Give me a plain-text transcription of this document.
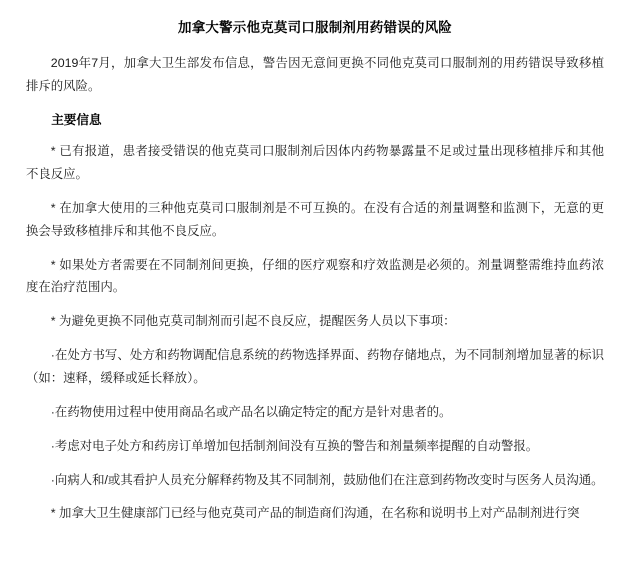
加拿大警示他克莫司口服制剂用药错误的风险

2019年7月，加拿大卫生部发布信息，警告因无意间更换不同他克莫司口服制剂的用药错误导致移植排斥的风险。

主要信息

* 已有报道，患者接受错误的他克莫司口服制剂后因体内药物暴露量不足或过量出现移植排斥和其他不良反应。

* 在加拿大使用的三种他克莫司口服制剂是不可互换的。在没有合适的剂量调整和监测下，无意的更换会导致移植排斥和其他不良反应。

* 如果处方者需要在不同制剂间更换，仔细的医疗观察和疗效监测是必须的。剂量调整需维持血药浓度在治疗范围内。

* 为避免更换不同他克莫司制剂而引起不良反应，提醒医务人员以下事项：

·在处方书写、处方和药物调配信息系统的药物选择界面、药物存储地点，为不同制剂增加显著的标识（如：速释，缓释或延长释放）。

·在药物使用过程中使用商品名或产品名以确定特定的配方是针对患者的。

·考虑对电子处方和药房订单增加包括制剂间没有互换的警告和剂量频率提醒的自动警报。

·向病人和/或其看护人员充分解释药物及其不同制剂，鼓励他们在注意到药物改变时与医务人员沟通。

* 加拿大卫生健康部门已经与他克莫司产品的制造商们沟通，在名称和说明书上对产品制剂进行突
